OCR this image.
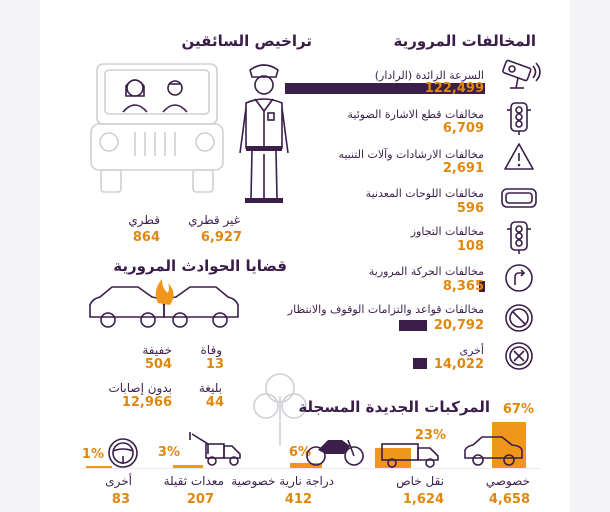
المخالفات المرورية
السرعة الزائدة (الرادار)
122,499
مخالفات قطع الاشارة الضوئية
6,709
مخالفات الارشادات وآلات التنبيه
2,691
مخالفات اللوحات المعدنية
596
مخالفات التجاوز
108
مخالفات الحركة المرورية
8,365
مخالفات قواعد والتزامات الوقوف والانتظار
20,792
أخرى
14,022
تراخيص السائقين
قطري
864
غير قطري
6,927
قضايا الحوادث المرورية
وفاة
13
خفيفة
504
بليغة
44
بدون إصابات
12,966	المركبات الجديدة المسجلة 67%
خصوصي
4,658
23%
نقل خاص
1,624
6%
دراجة نارية خصوصية
412
3%
معدات ثقيلة
207
1%
أخرى
83
